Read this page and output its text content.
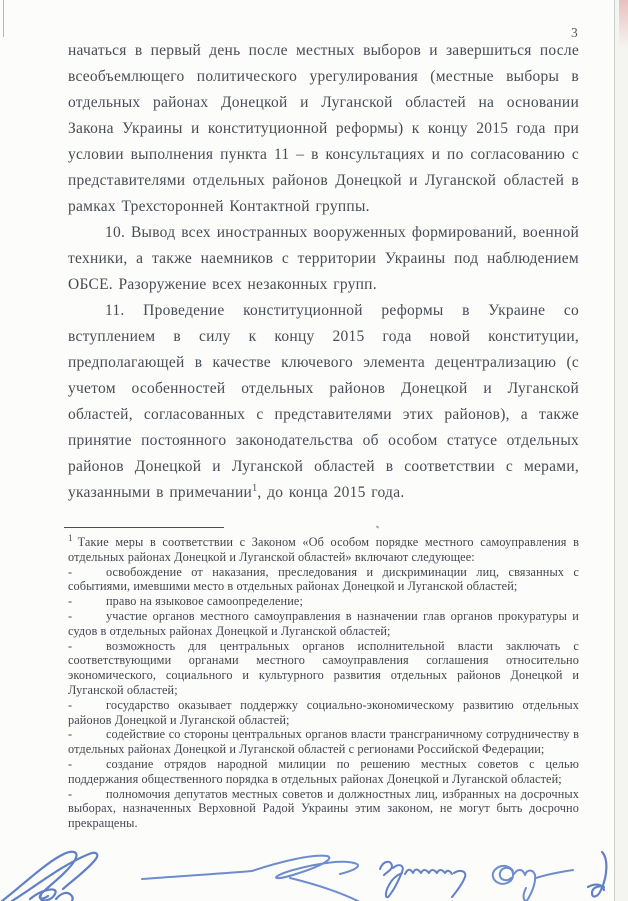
3

начаться в первый день после местных выборов и завершиться после всеобъемлющего политического урегулирования (местные выборы в отдельных районах Донецкой и Луганской областей на основании Закона Украины и конституционной реформы) к концу 2015 года при условии выполнения пункта 11 – в консультациях и по согласованию с представителями отдельных районов Донецкой и Луганской областей в рамках Трехсторонней Контактной группы.

10. Вывод всех иностранных вооруженных формирований, военной техники, а также наемников с территории Украины под наблюдением ОБСЕ. Разоружение всех незаконных групп.

11. Проведение конституционной реформы в Украине со вступлением в силу к концу 2015 года новой конституции, предполагающей в качестве ключевого элемента децентрализацию (с учетом особенностей отдельных районов Донецкой и Луганской областей, согласованных с представителями этих районов), а также принятие постоянного законодательства об особом статусе отдельных районов Донецкой и Луганской областей в соответствии с мерами, указанными в примечании$^1$, до конца 2015 года.

$^1$ Такие меры в соответствии с Законом «Об особом порядке местного самоуправления в отдельных районах Донецкой и Луганской областей» включают следующее:
-	освобождение от наказания, преследования и дискриминации лиц, связанных с событиями, имевшими место в отдельных районах Донецкой и Луганской областей;
-	право на языковое самоопределение;
-	участие органов местного самоуправления в назначении глав органов прокуратуры и судов в отдельных районах Донецкой и Луганской областей;
-	возможность для центральных органов исполнительной власти заключать с соответствующими органами местного самоуправления соглашения относительно экономического, социального и культурного развития отдельных районов Донецкой и Луганской областей;
-	государство оказывает поддержку социально-экономическому развитию отдельных районов Донецкой и Луганской областей;
-	содействие со стороны центральных органов власти трансграничному сотрудничеству в отдельных районах Донецкой и Луганской областей с регионами Российской Федерации;
-	создание отрядов народной милиции по решению местных советов с целью поддержания общественного порядка в отдельных районах Донецкой и Луганской областей;
-	полномочия депутатов местных советов и должностных лиц, избранных на досрочных выборах, назначенных Верховной Радой Украины этим законом, не могут быть досрочно прекращены.
